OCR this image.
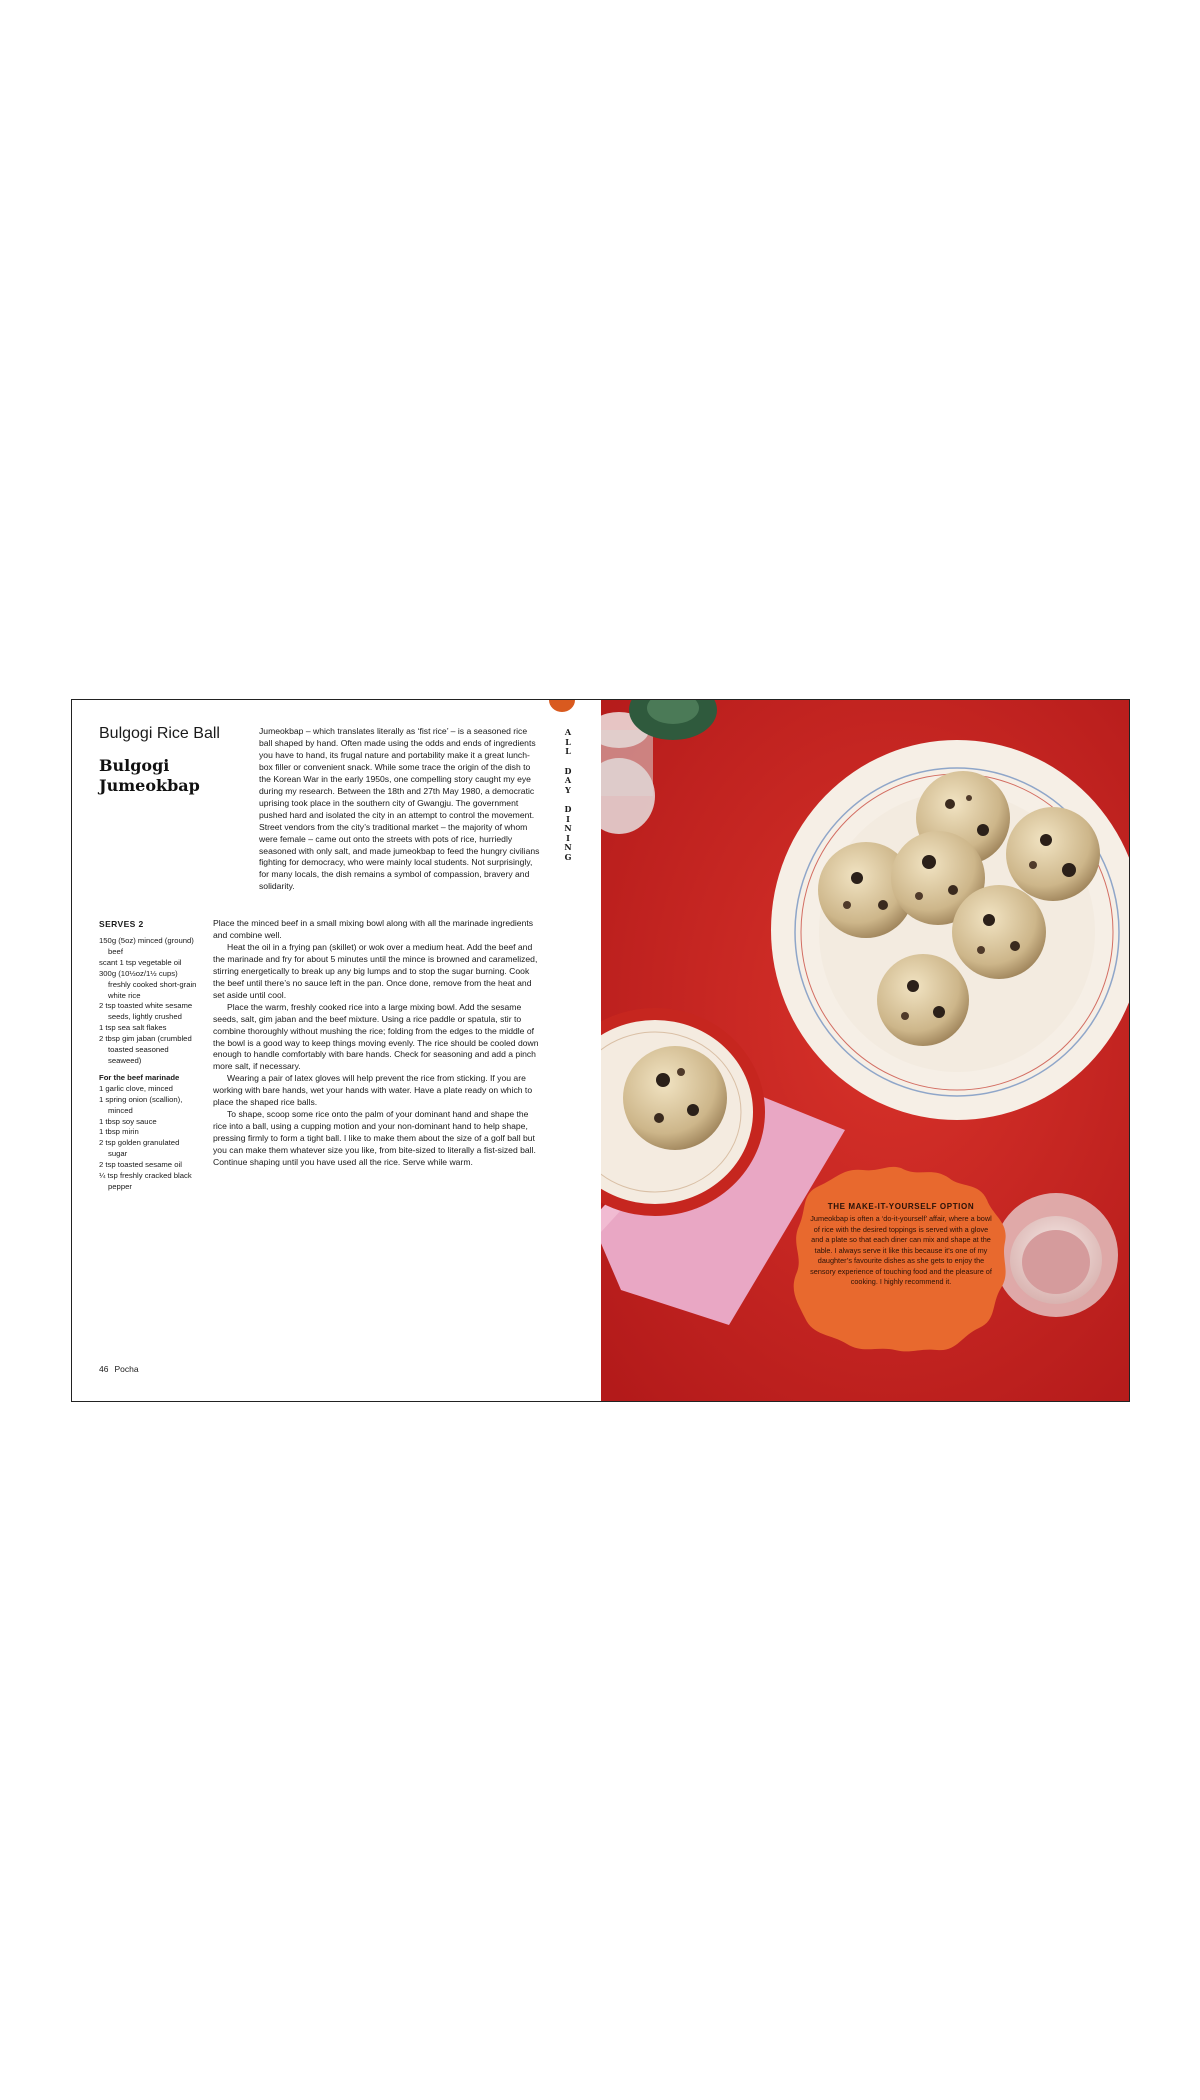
Bulgogi Rice Ball
Bulgogi
Jumeokbap

Jumeokbap – which translates literally as ‘fist rice’ – is a seasoned rice ball shaped by hand. Often made using the odds and ends of ingredients you have to hand, its frugal nature and portability make it a great lunch-box filler or convenient snack. While some trace the origin of the dish to the Korean War in the early 1950s, one compelling story caught my eye during my research. Between the 18th and 27th May 1980, a democratic uprising took place in the southern city of Gwangju. The government pushed hard and isolated the city in an attempt to control the movement. Street vendors from the city’s traditional market – the majority of whom were female – came out onto the streets with pots of rice, hurriedly seasoned with only salt, and made jumeokbap to feed the hungry civilians fighting for democracy, who were mainly local students. Not surprisingly, for many locals, the dish remains a symbol of compassion, bravery and solidarity.

A
L
L
D
A
Y
D
I
N
I
N
G
SERVES 2
150g (5oz) minced (ground) beef
scant 1 tsp vegetable oil
300g (10½oz/1½ cups) freshly cooked short-grain white rice
2 tsp toasted white sesame seeds, lightly crushed
1 tsp sea salt flakes
2 tbsp gim jaban (crumbled toasted seasoned seaweed)
For the beef marinade
1 garlic clove, minced
1 spring onion (scallion), minced
1 tbsp soy sauce
1 tbsp mirin
2 tsp golden granulated sugar
2 tsp toasted sesame oil
¼ tsp freshly cracked black pepper

Place the minced beef in a small mixing bowl along with all the marinade ingredients and combine well.

Heat the oil in a frying pan (skillet) or wok over a medium heat. Add the beef and the marinade and fry for about 5 minutes until the mince is browned and caramelized, stirring energetically to break up any big lumps and to stop the sugar burning. Cook the beef until there’s no sauce left in the pan. Once done, remove from the heat and set aside until cool.

Place the warm, freshly cooked rice into a large mixing bowl. Add the sesame seeds, salt, gim jaban and the beef mixture. Using a rice paddle or spatula, stir to combine thoroughly without mushing the rice; folding from the edges to the middle of the bowl is a good way to keep things moving evenly. The rice should be cooled down enough to handle comfortably with bare hands. Check for seasoning and add a pinch more salt, if necessary.

Wearing a pair of latex gloves will help prevent the rice from sticking. If you are working with bare hands, wet your hands with water. Have a plate ready on which to place the shaped rice balls.

To shape, scoop some rice onto the palm of your dominant hand and shape the rice into a ball, using a cupping motion and your non-dominant hand to help shape, pressing firmly to form a tight ball. I like to make them about the size of a golf ball but you can make them whatever size you like, from bite-sized to literally a fist-sized ball. Continue shaping until you have used all the rice. Serve while warm.

46 Pocha
THE MAKE-IT-YOURSELF OPTION
Jumeokbap is often a ‘do-it-yourself’ affair, where a bowl of rice with the desired toppings is served with a glove and a plate so that each diner can mix and shape at the table. I always serve it like this because it’s one of my daughter’s favourite dishes as she gets to enjoy the sensory experience of touching food and the pleasure of cooking. I highly recommend it.
